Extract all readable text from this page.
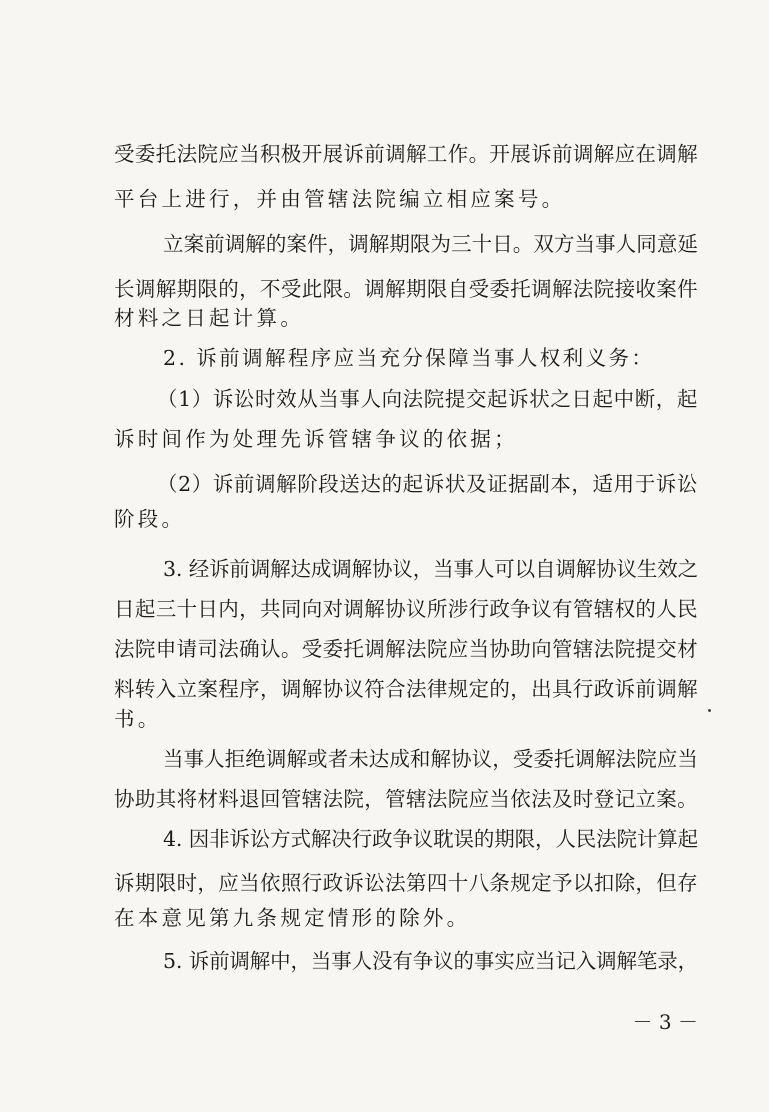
受委托法院应当积极开展诉前调解工作。开展诉前调解应在调解
平台上进行，并由管辖法院编立相应案号。
立案前调解的案件，调解期限为三十日。双方当事人同意延
长调解期限的，不受此限。调解期限自受委托调解法院接收案件
材料之日起计算。
2. 诉前调解程序应当充分保障当事人权利义务：
（1）诉讼时效从当事人向法院提交起诉状之日起中断，起
诉时间作为处理先诉管辖争议的依据；
（2）诉前调解阶段送达的起诉状及证据副本，适用于诉讼
阶段。
3. 经诉前调解达成调解协议，当事人可以自调解协议生效之
日起三十日内，共同向对调解协议所涉行政争议有管辖权的人民
法院申请司法确认。受委托调解法院应当协助向管辖法院提交材
料转入立案程序，调解协议符合法律规定的，出具行政诉前调解
书。
当事人拒绝调解或者未达成和解协议，受委托调解法院应当
协助其将材料退回管辖法院，管辖法院应当依法及时登记立案。
4. 因非诉讼方式解决行政争议耽误的期限，人民法院计算起
诉期限时，应当依照行政诉讼法第四十八条规定予以扣除，但存
在本意见第九条规定情形的除外。
5. 诉前调解中，当事人没有争议的事实应当记入调解笔录，
－ 3 －
